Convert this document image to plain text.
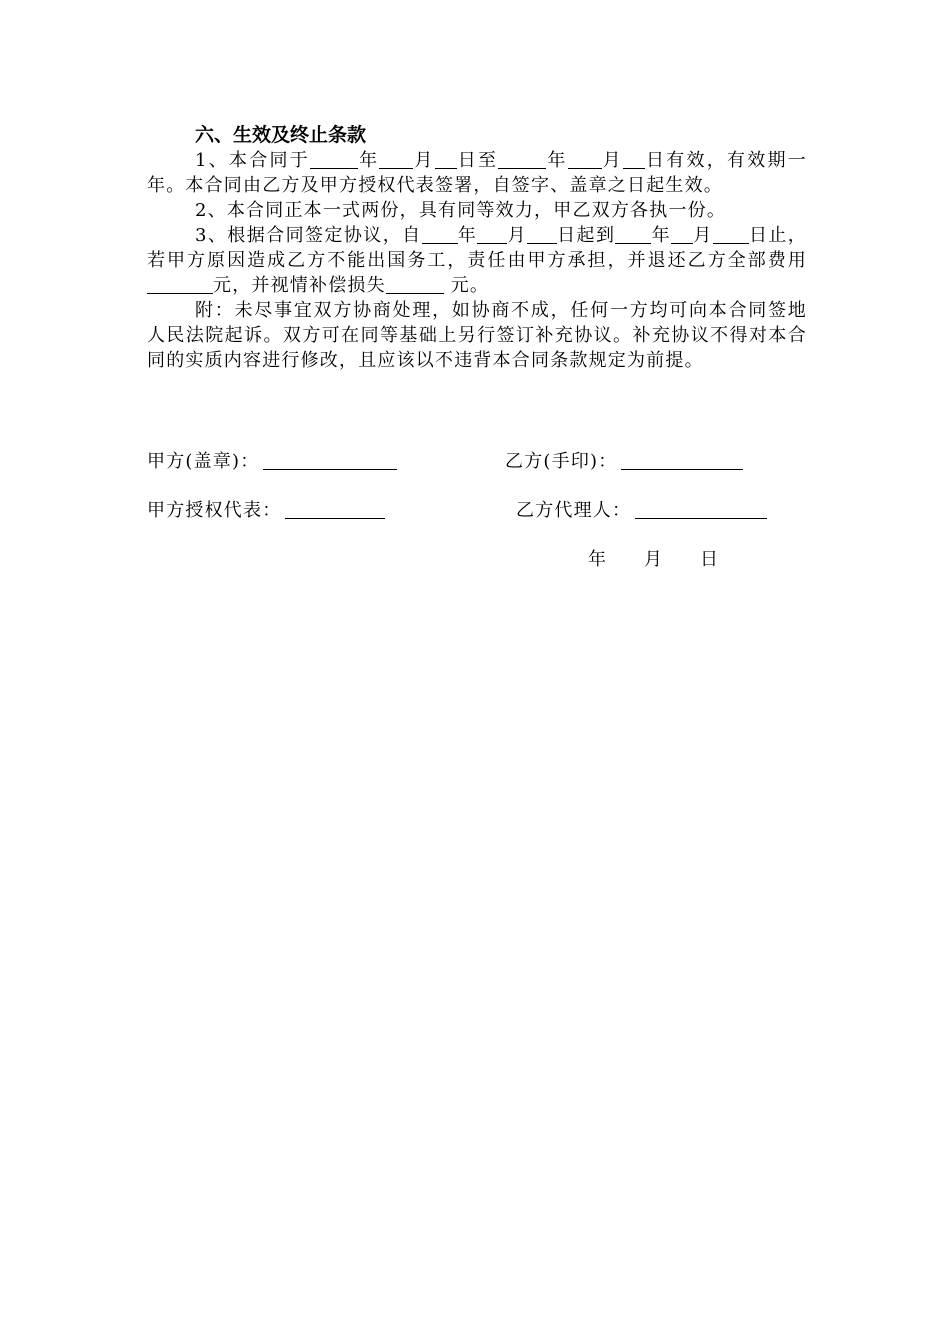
六、生效及终止条款

1、本合同于	年 月 日至	年 月 日有效，有效期一年。本合同由乙方及甲方授权代表签署，自签字、盖章之日起生效。

2、本合同正本一式两份，具有同等效力，甲乙双方各执一份。

3、根据合同签定协议，自 年 月 日起到 年 月 日止，若甲方原因造成乙方不能出国务工，责任由甲方承担，并退还乙方全部费用元，并视情补偿损失	元。

附：未尽事宜双方协商处理，如协商不成，任何一方均可向本合同签地人民法院起诉。双方可在同等基础上另行签订补充协议。补充协议不得对本合同的实质内容进行修改，且应该以不违背本合同条款规定为前提。

甲方(盖章)：	乙方(手印)：
甲方授权代表：	乙方代理人：
年 月 日
